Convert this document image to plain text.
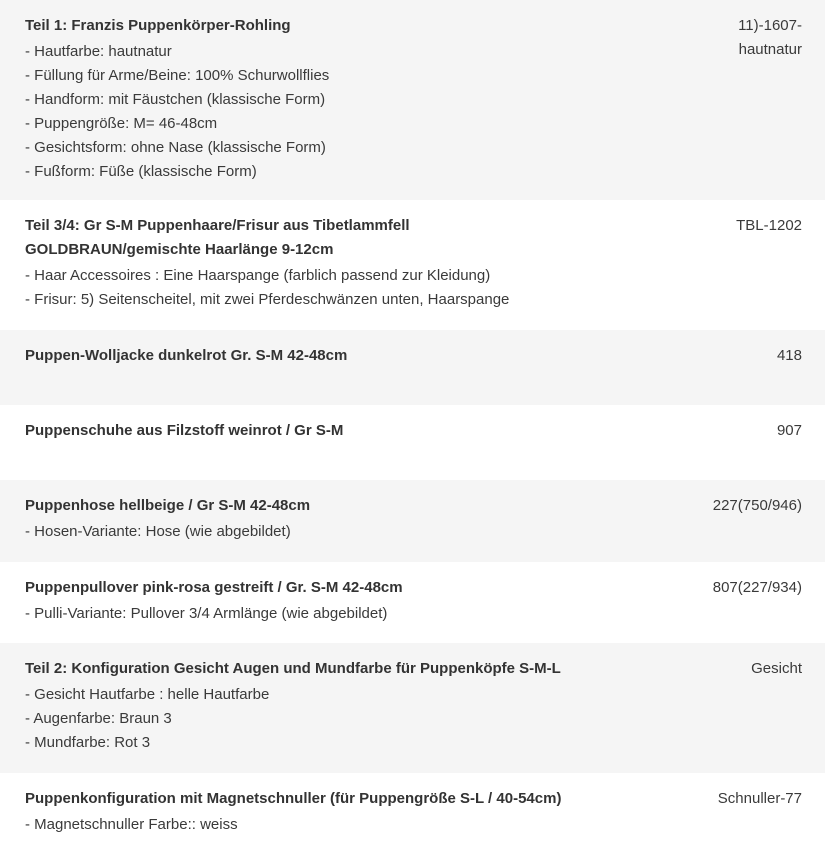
Teil 1: Franzis Puppenkörper-Rohling
- Hautfarbe: hautnatur
- Füllung für Arme/Beine: 100% Schurwollflies
- Handform: mit Fäustchen (klassische Form)
- Puppengröße: M= 46-48cm
- Gesichtsform: ohne Nase (klassische Form)
- Fußform: Füße (klassische Form)
11)-1607-hautnatur
Teil 3/4: Gr S-M Puppenhaare/Frisur aus Tibetlammfell GOLDBRAUN/gemischte Haarlänge 9-12cm
- Haar Accessoires : Eine Haarspange (farblich passend zur Kleidung)
- Frisur: 5) Seitenscheitel, mit zwei Pferdeschwänzen unten, Haarspange
TBL-1202
Puppen-Wolljacke dunkelrot Gr. S-M 42-48cm	418
Puppenschuhe aus Filzstoff weinrot / Gr S-M	907
Puppenhose hellbeige / Gr S-M 42-48cm
- Hosen-Variante: Hose (wie abgebildet)
227(750/946)
Puppenpullover pink-rosa gestreift / Gr. S-M 42-48cm
- Pulli-Variante: Pullover 3/4 Armlänge (wie abgebildet)
807(227/934)
Teil 2: Konfiguration Gesicht Augen und Mundfarbe für Puppenköpfe S-M-L
- Gesicht Hautfarbe : helle Hautfarbe
- Augenfarbe: Braun 3
- Mundfarbe: Rot 3
Gesicht
Puppenkonfiguration mit Magnetschnuller (für Puppengröße S-L / 40-54cm)
- Magnetschnuller Farbe:: weiss
Schnuller-77
